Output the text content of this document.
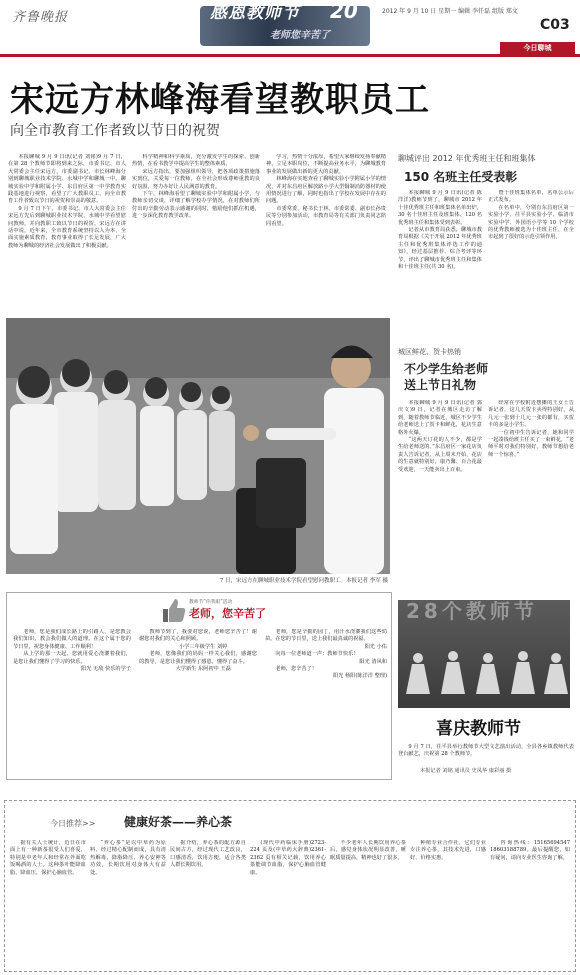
齐鲁晚报	感恩教师节 20
老师您辛苦了
2012 年 9 月 10 日 星期一 编辑 李仟磊 组版 郑文
C03
今日聊城
宋远方林峰海看望教职员工
向全市教育工作者致以节日的祝贺

本报聊城 9 月 9 日讯(记者 刘铭)9 月 7 日，在第 28 个教师节即将到来之际，市委书记、市人大常委会主任宋远方，市委副书记、市长林峰海分别到聊城职业技术学院、水城中学和聊城一中、聊城实验中学和附属小学、东昌府区第一中学教育实践基地进行视察，看望了广大教职员工，向全市教育工作者致以节日的祝贺和崇高的敬意。

9 月 7 日下午，市委书记、市人大常委会主任宋远方先后到聊城职业技术学院、水城中学看望慰问教师，并向教职工致以节日的祝贺。宋远方在讲话中说，近年来，全市教育系统坚持以人为本，全面实施素质教育，教育事业取得了长足发展，广大教师为聊城的经济社会发展做出了积极贡献。

科学精神和科学素质，充分激发学生的探索、创新热情，在看书教学中提高学生的整体素质。

宋远方指出，要加强组织领导，把各项政策措施落实到位，关爱每一位教师，在全社会形成尊师重教的良好氛围，努力办好让人民满意的教育。

下午，林峰海看望了聊城实验中学和附属小学，与教师亲切交谈，详细了解学校办学情况，在对教师们所付出的辛勤劳动表示感谢的同时，勉励他们抓住机遇，进一步深化教育教学改革。

学习，热情十分浓厚，希望大家继续发扬奉献精神，立足本职岗位，不断提高业务水平，为聊城教育事业的发展做出新的更大的贡献。

林峰海在实地查看了聊城实验小学附属小学的情况，并对东昌府区解放路小学大型铜制消防器材的使用情况进行了解，同时也指出了学校在发展中存在的问题。

市委常委、秘书长于林，市委常委、副市长孙贵民等分别参加活动，市教育局等有关部门负责同志陪同看望。

7 日，宋远方在聊城职业技术学院看望慰问教职工。本报记者 李军 摄
聊城评出 2012 年优秀班主任和班集体
150 名班主任受表彰

本报聊城 9 月 9 日讯(记者 陈洋洋)教师节到了，聊城市 2012 年十佳优秀班主任和班集体名单出炉，30 名十佳班主任及班集体、120 名优秀班主任和集体受到表彰。

记者从市教育局获悉，聊城市教育局根据《关于开展 2012 年优秀班主任和优秀班集体评选工作的通知》，经过基层推荐、综合考评等环节，评出了聊城市优秀班主任和集体和十佳班主任(共 30 名)。

暨十佳班集体名单，名单公示后正式发布。

在名单中，分别有东昌府区第一实验小学、茌平县实验小学、临清市实验中学、外国语小学等 10 个学校的优秀教师被选为十佳班主任，在全市起到了很好的示范引领作用。

城区鲜花、贺卡热销
不少学生给老师
送上节日礼物

本报聊城 9 月 9 日讯(记者 郭庆文)9 日，记者在城区走访了解到，随着教师节临近，城区不少学生给老师送上了贺卡和鲜花，花店生意格外火爆。

“这两天订花的人不少，都是学生给老师送的。”东昌府区一家花店负责人告诉记者，从上周末开始，花店的生意就特别好，康乃馨、百合花最受欢迎，一天能卖出上百束。

经常在学校附近摆摊的王女士告诉记者，这几天贺卡卖得特别好，从几元一张到十几元一张的都有，买贺卡的多是小学生。

一位初中生告诉记者，她和同学一起凑钱给班主任买了一束鲜花，“老师平时对我们特别好，教师节想给老师一个惊喜。”

28个教师节
喜庆教师节

9 月 7 日，茌平县举行教师节大型文艺演出活动，全县各乡镇教师代表登台献艺，庆祝第 28 个教师节。

本报记者 刘铭 通讯员 史凤华 康彩丽 摄
教师节“你我眼”活动
老师，您辛苦了

老师，您是我们成长路上的引路人，是您教会我们知识，教会我们做人的道理。在这个属于您的节日里，祝您身体健康、工作顺利！

从上学的那一天起，您就用爱心浇灌着我们，是您让我们懂得了学习的快乐。

阳光 无敌 快乐的学子

教师节到了，我要对您说，老师您辛苦了！谢谢您对我们的关心和照顾。

小学三年级学生 刘婷

老师，您像我们的妈妈一样关心我们，感谢您的教导，是您让我们懂得了感恩，懂得了奋斗。

大学新生 东阿初中 王磊

老师，您是辛勤的园丁，用汗水浇灌我们这些幼苗。在您的节日里，送上我们最真诚的祝福。

阳光 小佑

向每一位老师道一声：教师节快乐！

阳光 清风和

老师，您辛苦了！

阳光 杨阳(陈洋洋 整理)

今日推荐>> 健康好茶——养心茶

据有关人士统计，近日在市面上有一种新茶很受人们喜爱，特别是中老年人和经常在外面吃饭喝酒的人士。这种茶叶能降血脂、降血压，保护心脑血管。

“养心茶”是以中草药为原料，经过精心配制而成，具有清热解毒、降脂降压、养心安神等功效，长期饮用对身体大有益处。

据介绍，养心茶的配方源自民间古方，经过现代工艺改良，口感清香，饮用方便，适合各类人群长期饮用。

(现代中药临床手册)2723-224 页及(中草药大辞典)2361-2362 页有相关记载，饮用养心茶能调节血脂，保护心脑血管健康。

不少老年人长期饮用养心茶后，感觉身体状况明显改善，睡眠质量提高，精神也好了很多。

种植专业合作社，它们专业专注养心茶，其技术先进，口感好，价格实惠。

咨询热线：15165694547 18603188789。最后提醒您，如有疑问，请向专业医生咨询了解。
